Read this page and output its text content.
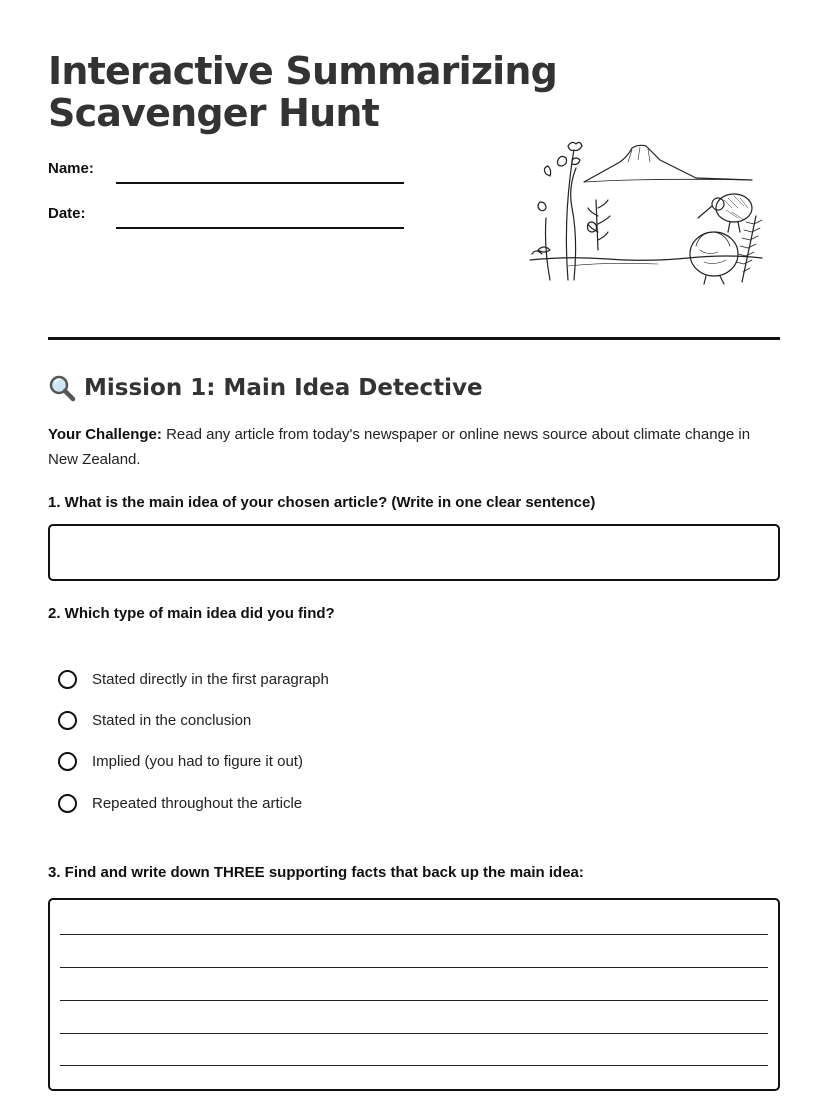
Interactive Summarizing
Scavenger Hunt
Name:
Date:
Mission 1: Main Idea Detective

Your Challenge: Read any article from today's newspaper or online news source about climate change in New Zealand.

1. What is the main idea of your chosen article? (Write in one clear sentence)

2. Which type of main idea did you find?

Stated directly in the first paragraph
Stated in the conclusion
Implied (you had to figure it out)
Repeated throughout the article

3. Find and write down THREE supporting facts that back up the main idea:
